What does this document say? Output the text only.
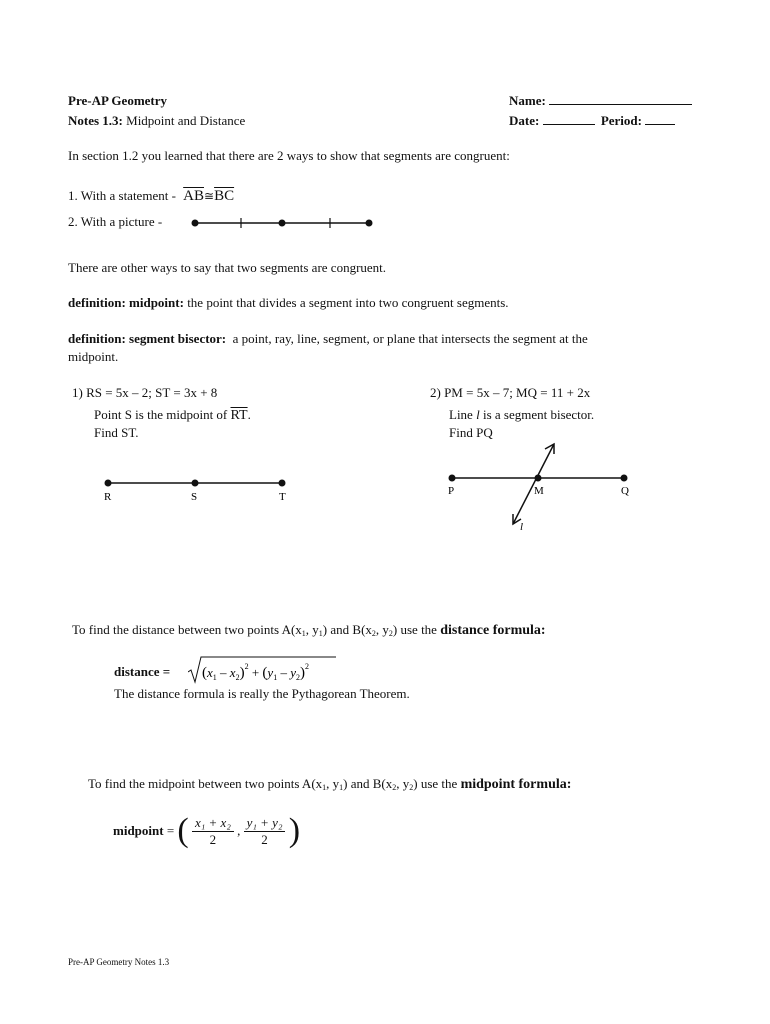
Pre-AP Geometry
Notes 1.3: Midpoint and Distance
Name:
Date:	Period:
In section 1.2 you learned that there are 2 ways to show that segments are congruent:
1. With a statement - $\overline{AB}≅\overline{BC}$
2. With a picture -
There are other ways to say that two segments are congruent.
definition: midpoint: the point that divides a segment into two congruent segments.
definition: segment bisector: a point, ray, line, segment, or plane that intersects the segment at the
midpoint.
1) RS = 5x – 2; ST = 3x + 8
Point S is the midpoint of $\overline{RT}$.
Find ST.
R	S	T
2) PM = 5x – 7; MQ = 11 + 2x
Line l is a segment bisector.
Find PQ
P	M	Q
l
To find the distance between two points $A(x_1$, $y_1$) and $B(x_2$, $y_2$) use the distance formula:
distance = $(x_1 - x_2)^2 + (y_1 - y_2)^2$
The distance formula is really the Pythagorean Theorem.
To find the midpoint between two points $A(x_1$, $y_1$) and $B(x_2$, $y_2$) use the midpoint formula:
midpoint = ( $\frac{\text{x₁ + x₂}}{2}$ , $\frac{\text{y₁ + y₂}}{2}$ )
Pre-AP Geometry Notes 1.3
